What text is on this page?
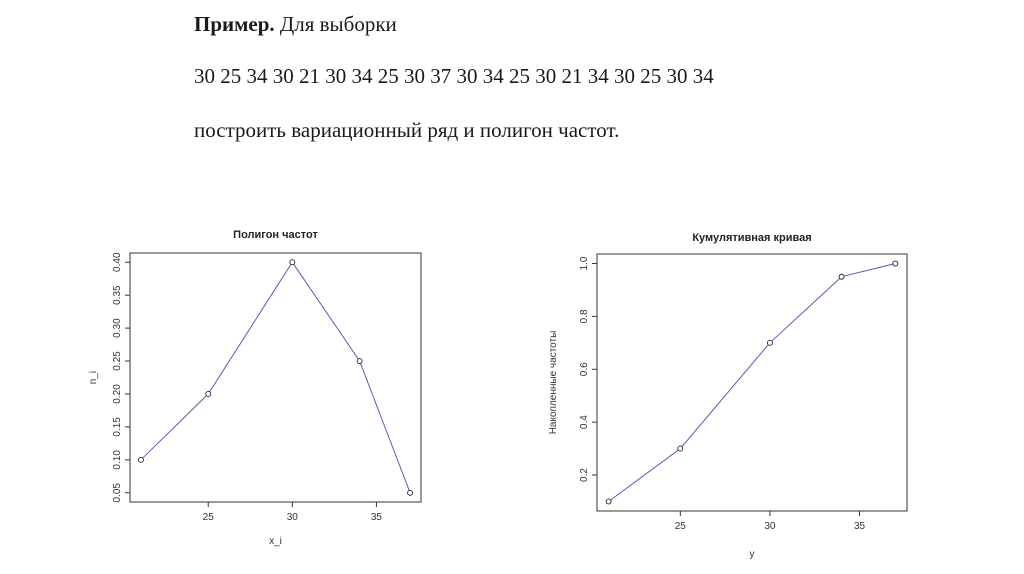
Пример. Для выборки
30 25 34 30 21 30 34 25 30 37 30 34 25 30 21 34 30 25 30 34
построить вариационный ряд и полигон частот.
Полигон частот
25	30	35
0.05
0.10
0.15
0.20
0.25
0.30
0.35
0.40
x_i
n_i
Кумулятивная кривая
25	30	35
0.2
0.4
0.6
0.8
1.0
y
Накопленные частоты
